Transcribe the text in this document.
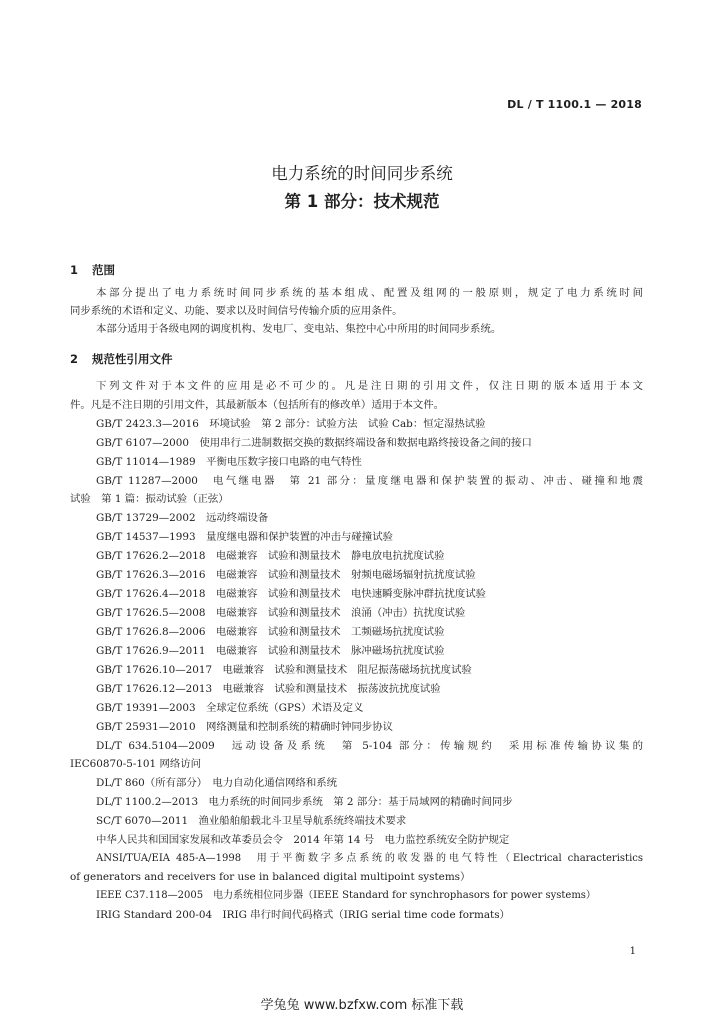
DL / T 1100.1 — 2018
电力系统的时间同步系统
第 1 部分：技术规范
1 范围
本部分提出了电力系统时间同步系统的基本组成、配置及组网的一般原则，规定了电力系统时间
同步系统的术语和定义、功能、要求以及时间信号传输介质的应用条件。
本部分适用于各级电网的调度机构、发电厂、变电站、集控中心中所用的时间同步系统。
2 规范性引用文件
下列文件对于本文件的应用是必不可少的。凡是注日期的引用文件，仅注日期的版本适用于本文
件。凡是不注日期的引用文件，其最新版本（包括所有的修改单）适用于本文件。
GB/T 2423.3—2016　环境试验　第 2 部分：试验方法　试验 Cab：恒定湿热试验
GB/T 6107—2000　使用串行二进制数据交换的数据终端设备和数据电路终接设备之间的接口
GB/T 11014—1989　平衡电压数字接口电路的电气特性
GB/T 11287—2000　电气继电器　第 21 部分：量度继电器和保护装置的振动、冲击、碰撞和地震
试验　第 1 篇：振动试验（正弦）
GB/T 13729—2002　远动终端设备
GB/T 14537—1993　量度继电器和保护装置的冲击与碰撞试验
GB/T 17626.2—2018　电磁兼容　试验和测量技术　静电放电抗扰度试验
GB/T 17626.3—2016　电磁兼容　试验和测量技术　射频电磁场辐射抗扰度试验
GB/T 17626.4—2018　电磁兼容　试验和测量技术　电快速瞬变脉冲群抗扰度试验
GB/T 17626.5—2008　电磁兼容　试验和测量技术　浪涌（冲击）抗扰度试验
GB/T 17626.8—2006　电磁兼容　试验和测量技术　工频磁场抗扰度试验
GB/T 17626.9—2011　电磁兼容　试验和测量技术　脉冲磁场抗扰度试验
GB/T 17626.10—2017　电磁兼容　试验和测量技术　阻尼振荡磁场抗扰度试验
GB/T 17626.12—2013　电磁兼容　试验和测量技术　振荡波抗扰度试验
GB/T 19391—2003　全球定位系统（GPS）术语及定义
GB/T 25931—2010　网络测量和控制系统的精确时钟同步协议
DL/T 634.5104—2009　远动设备及系统　第 5-104 部分：传输规约　采用标准传输协议集的
IEC60870-5-101 网络访问
DL/T 860（所有部分）　电力自动化通信网络和系统
DL/T 1100.2—2013　电力系统的时间同步系统　第 2 部分：基于局域网的精确时间同步
SC/T 6070—2011　渔业船舶船载北斗卫星导航系统终端技术要求
中华人民共和国国家发展和改革委员会令　2014 年第 14 号　电力监控系统安全防护规定
ANSI/TUA/EIA 485-A—1998　用于平衡数字多点系统的收发器的电气特性（Electrical characteristics
of generators and receivers for use in balanced digital multipoint systems）
IEEE C37.118—2005　电力系统相位同步器（IEEE Standard for synchrophasors for power systems）
IRIG Standard 200-04　IRIG 串行时间代码格式（IRIG serial time code formats）
1
学兔兔 www.bzfxw.com 标准下载
